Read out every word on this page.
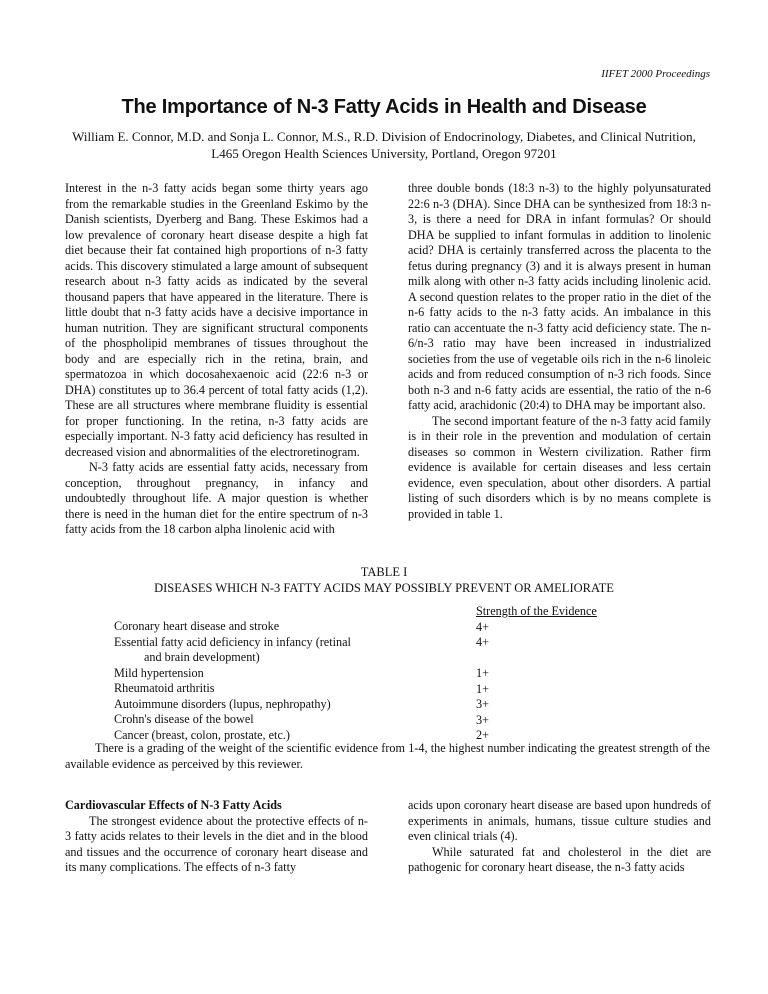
IIFET 2000 Proceedings
The Importance of N-3 Fatty Acids in Health and Disease
William E. Connor, M.D. and Sonja L. Connor, M.S., R.D. Division of Endocrinology, Diabetes, and Clinical Nutrition,
L465 Oregon Health Sciences University, Portland, Oregon 97201

Interest in the n-3 fatty acids began some thirty years ago from the remarkable studies in the Greenland Eskimo by the Danish scientists, Dyerberg and Bang. These Eskimos had a low prevalence of coronary heart disease despite a high fat diet because their fat contained high proportions of n-3 fatty acids. This discovery stimulated a large amount of subsequent research about n-3 fatty acids as indicated by the several thousand papers that have appeared in the literature. There is little doubt that n-3 fatty acids have a decisive importance in human nutrition. They are significant structural components of the phospholipid membranes of tissues throughout the body and are especially rich in the retina, brain, and spermatozoa in which docosahexaenoic acid (22:6 n-3 or DHA) constitutes up to 36.4 percent of total fatty acids (1,2). These are all structures where membrane fluidity is essential for proper functioning. In the retina, n-3 fatty acids are especially important. N-3 fatty acid deficiency has resulted in decreased vision and abnormalities of the electroretinogram.

N-3 fatty acids are essential fatty acids, necessary from conception, throughout pregnancy, in infancy and undoubtedly throughout life. A major question is whether there is need in the human diet for the entire spectrum of n-3 fatty acids from the 18 carbon alpha linolenic acid with

three double bonds (18:3 n-3) to the highly polyunsaturated 22:6 n-3 (DHA). Since DHA can be synthesized from 18:3 n-3, is there a need for DRA in infant formulas? Or should DHA be supplied to infant formulas in addition to linolenic acid? DHA is certainly transferred across the placenta to the fetus during pregnancy (3) and it is always present in human milk along with other n-3 fatty acids including linolenic acid. A second question relates to the proper ratio in the diet of the n-6 fatty acids to the n-3 fatty acids. An imbalance in this ratio can accentuate the n-3 fatty acid deficiency state. The n-6/n-3 ratio may have been increased in industrialized societies from the use of vegetable oils rich in the n-6 linoleic acids and from reduced consumption of n-3 rich foods. Since both n-3 and n-6 fatty acids are essential, the ratio of the n-6 fatty acid, arachidonic (20:4) to DHA may be important also.

The second important feature of the n-3 fatty acid family is in their role in the prevention and modulation of certain diseases so common in Western civilization. Rather firm evidence is available for certain diseases and less certain evidence, even speculation, about other disorders. A partial listing of such disorders which is by no means complete is provided in table 1.

TABLE I
DISEASES WHICH N-3 FATTY ACIDS MAY POSSIBLY PREVENT OR AMELIORATE
Coronary heart disease and stroke
Essential fatty acid deficiency in infancy (retinal
and brain development)
Mild hypertension
Rheumatoid arthritis
Autoimmune disorders (lupus, nephropathy)
Crohn's disease of the bowel
Cancer (breast, colon, prostate, etc.)
Strength of the Evidence
4+
4+
1+
1+
3+
3+
2+

There is a grading of the weight of the scientific evidence from 1-4, the highest number indicating the greatest strength of the available evidence as perceived by this reviewer.

Cardiovascular Effects of N-3 Fatty Acids

The strongest evidence about the protective effects of n-3 fatty acids relates to their levels in the diet and in the blood and tissues and the occurrence of coronary heart disease and its many complications. The effects of n-3 fatty

acids upon coronary heart disease are based upon hundreds of experiments in animals, humans, tissue culture studies and even clinical trials (4).

While saturated fat and cholesterol in the diet are pathogenic for coronary heart disease, the n-3 fatty acids
